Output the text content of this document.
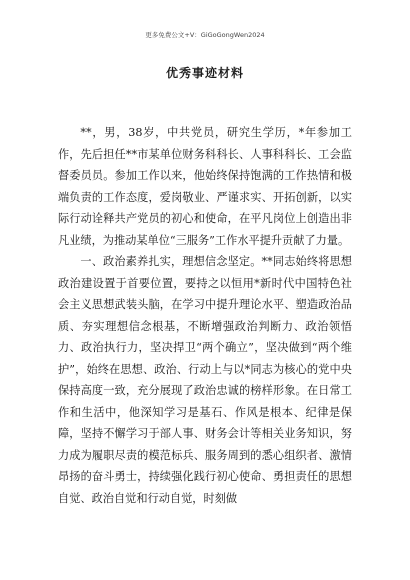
更多免费公文+V：GiGoGongWen2024
优秀事迹材料

**，男，38岁，中共党员，研究生学历，*年参加工作，先后担任**市某单位财务科科长、人事科科长、工会监督委员员。参加工作以来，他始终保持饱满的工作热情和极端负责的工作态度，爱岗敬业、严谨求实、开拓创新，以实际行动诠释共产党员的初心和使命，在平凡岗位上创造出非凡业绩，为推动某单位“三服务”工作水平提升贡献了力量。

一、政治素养扎实，理想信念坚定。**同志始终将思想政治建设置于首要位置，要持之以恒用*新时代中国特色社会主义思想武装头脑，在学习中提升理论水平、塑造政治品质、夯实理想信念根基，不断增强政治判断力、政治领悟力、政治执行力，坚决捍卫“两个确立”，坚决做到“两个维护”，始终在思想、政治、行动上与以*同志为核心的党中央保持高度一致，充分展现了政治忠诚的榜样形象。在日常工作和生活中，他深知学习是基石、作风是根本、纪律是保障，坚持不懈学习于部人事、财务会计等相关业务知识，努力成为履职尽责的模范标兵、服务周到的悉心组织者、激情昂扬的奋斗勇士，持续强化践行初心使命、勇担责任的思想自觉、政治自觉和行动自觉，时刻做
